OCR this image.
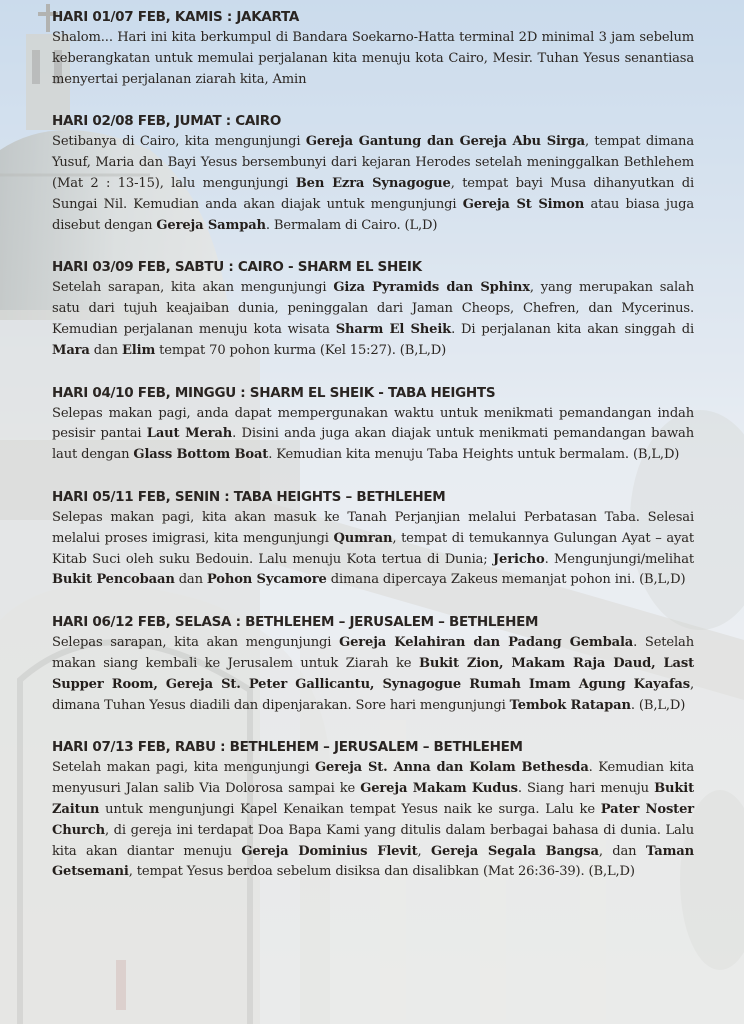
HARI 01/07 FEB, KAMIS : JAKARTA

Shalom... Hari ini kita berkumpul di Bandara Soekarno-Hatta terminal 2D minimal 3 jam sebelum keberangkatan untuk memulai perjalanan kita menuju kota Cairo, Mesir. Tuhan Yesus senantiasa menyertai perjalanan ziarah kita, Amin

HARI 02/08 FEB, JUMAT : CAIRO

Setibanya di Cairo, kita mengunjungi Gereja Gantung dan Gereja Abu Sirga, tempat dimana Yusuf, Maria dan Bayi Yesus bersembunyi dari kejaran Herodes setelah meninggalkan Bethlehem (Mat 2 : 13-15), lalu mengunjungi Ben Ezra Synagogue, tempat bayi Musa dihanyutkan di Sungai Nil. Kemudian anda akan diajak untuk mengunjungi Gereja St Simon atau biasa juga disebut dengan Gereja Sampah. Bermalam di Cairo. (L,D)

HARI 03/09 FEB, SABTU : CAIRO - SHARM EL SHEIK

Setelah sarapan, kita akan mengunjungi Giza Pyramids dan Sphinx, yang merupakan salah satu dari tujuh keajaiban dunia, peninggalan dari Jaman Cheops, Chefren, dan Mycerinus. Kemudian perjalanan menuju kota wisata Sharm El Sheik. Di perjalanan kita akan singgah di Mara dan Elim tempat 70 pohon kurma (Kel 15:27). (B,L,D)

HARI 04/10 FEB, MINGGU : SHARM EL SHEIK - TABA HEIGHTS

Selepas makan pagi, anda dapat mempergunakan waktu untuk menikmati pemandangan indah pesisir pantai Laut Merah. Disini anda juga akan diajak untuk menikmati pemandangan bawah laut dengan Glass Bottom Boat. Kemudian kita menuju Taba Heights untuk bermalam. (B,L,D)

HARI 05/11 FEB, SENIN : TABA HEIGHTS – BETHLEHEM

Selepas makan pagi, kita akan masuk ke Tanah Perjanjian melalui Perbatasan Taba. Selesai melalui proses imigrasi, kita mengunjungi Qumran, tempat di temukannya Gulungan Ayat – ayat Kitab Suci oleh suku Bedouin. Lalu menuju Kota tertua di Dunia; Jericho. Mengunjungi/melihat Bukit Pencobaan dan Pohon Sycamore dimana dipercaya Zakeus memanjat pohon ini. (B,L,D)

HARI 06/12 FEB, SELASA : BETHLEHEM – JERUSALEM – BETHLEHEM

Selepas sarapan, kita akan mengunjungi Gereja Kelahiran dan Padang Gembala. Setelah makan siang kembali ke Jerusalem untuk Ziarah ke Bukit Zion, Makam Raja Daud, Last Supper Room, Gereja St. Peter Gallicantu, Synagogue Rumah Imam Agung Kayafas, dimana Tuhan Yesus diadili dan dipenjarakan. Sore hari mengunjungi Tembok Ratapan. (B,L,D)

HARI 07/13 FEB, RABU : BETHLEHEM – JERUSALEM – BETHLEHEM

Setelah makan pagi, kita mengunjungi Gereja St. Anna dan Kolam Bethesda. Kemudian kita menyusuri Jalan salib Via Dolorosa sampai ke Gereja Makam Kudus. Siang hari menuju Bukit Zaitun untuk mengunjungi Kapel Kenaikan tempat Yesus naik ke surga. Lalu ke Pater Noster Church, di gereja ini terdapat Doa Bapa Kami yang ditulis dalam berbagai bahasa di dunia. Lalu kita akan diantar menuju Gereja Dominius Flevit, Gereja Segala Bangsa, dan Taman Getsemani, tempat Yesus berdoa sebelum disiksa dan disalibkan (Mat 26:36-39). (B,L,D)
